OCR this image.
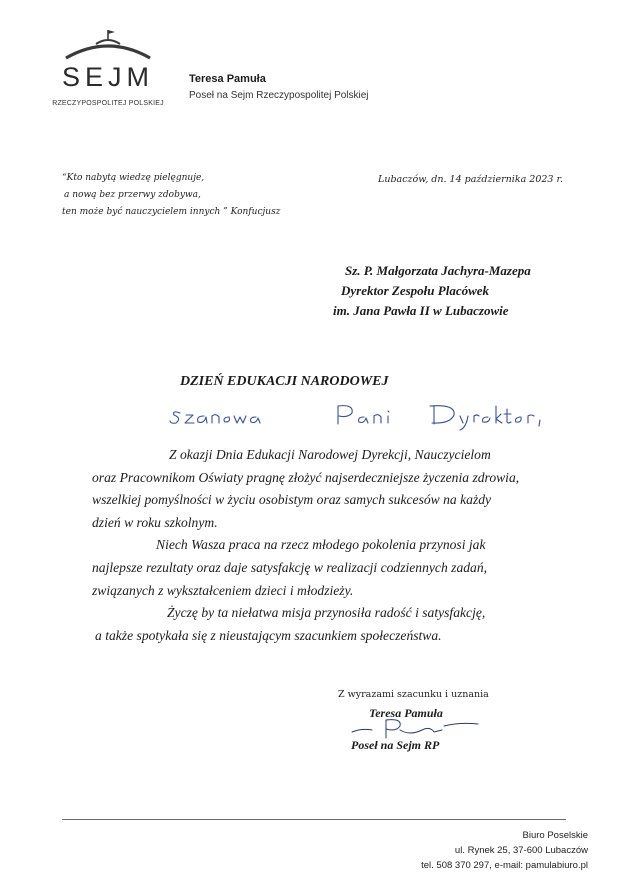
SEJM
RZECZYPOSPOLITEJ POLSKIEJ
Teresa Pamuła
Poseł na Sejm Rzeczypospolitej Polskiej
“Kto nabytą wiedzę pielęgnuje,
a nową bez przerwy zdobywa,
ten może być nauczycielem innych ” Konfucjusz
Lubaczów, dn. 14 października 2023 r.
Sz. P. Małgorzata Jachyra-Mazepa
Dyrektor Zespołu Placówek
im. Jana Pawła II w Lubaczowie
DZIEŃ EDUKACJI NARODOWEJ
Z okazji Dnia Edukacji Narodowej Dyrekcji, Nauczycielom
oraz Pracownikom Oświaty pragnę złożyć najserdeczniejsze życzenia zdrowia,
wszelkiej pomyślności w życiu osobistym oraz samych sukcesów na każdy
dzień w roku szkolnym.
Niech Wasza praca na rzecz młodego pokolenia przynosi jak
najlepsze rezultaty oraz daje satysfakcję w realizacji codziennych zadań,
związanych z wykształceniem dzieci i młodzieży.
Życzę by ta niełatwa misja przynosiła radość i satysfakcję,
a także spotykała się z nieustającym szacunkiem społeczeństwa.
Z wyrazami szacunku i uznania
Teresa Pamuła
Poseł na Sejm RP
Biuro Poselskie
ul. Rynek 25, 37-600 Lubaczów
tel. 508 370 297, e-mail: pamulabiuro.pl
